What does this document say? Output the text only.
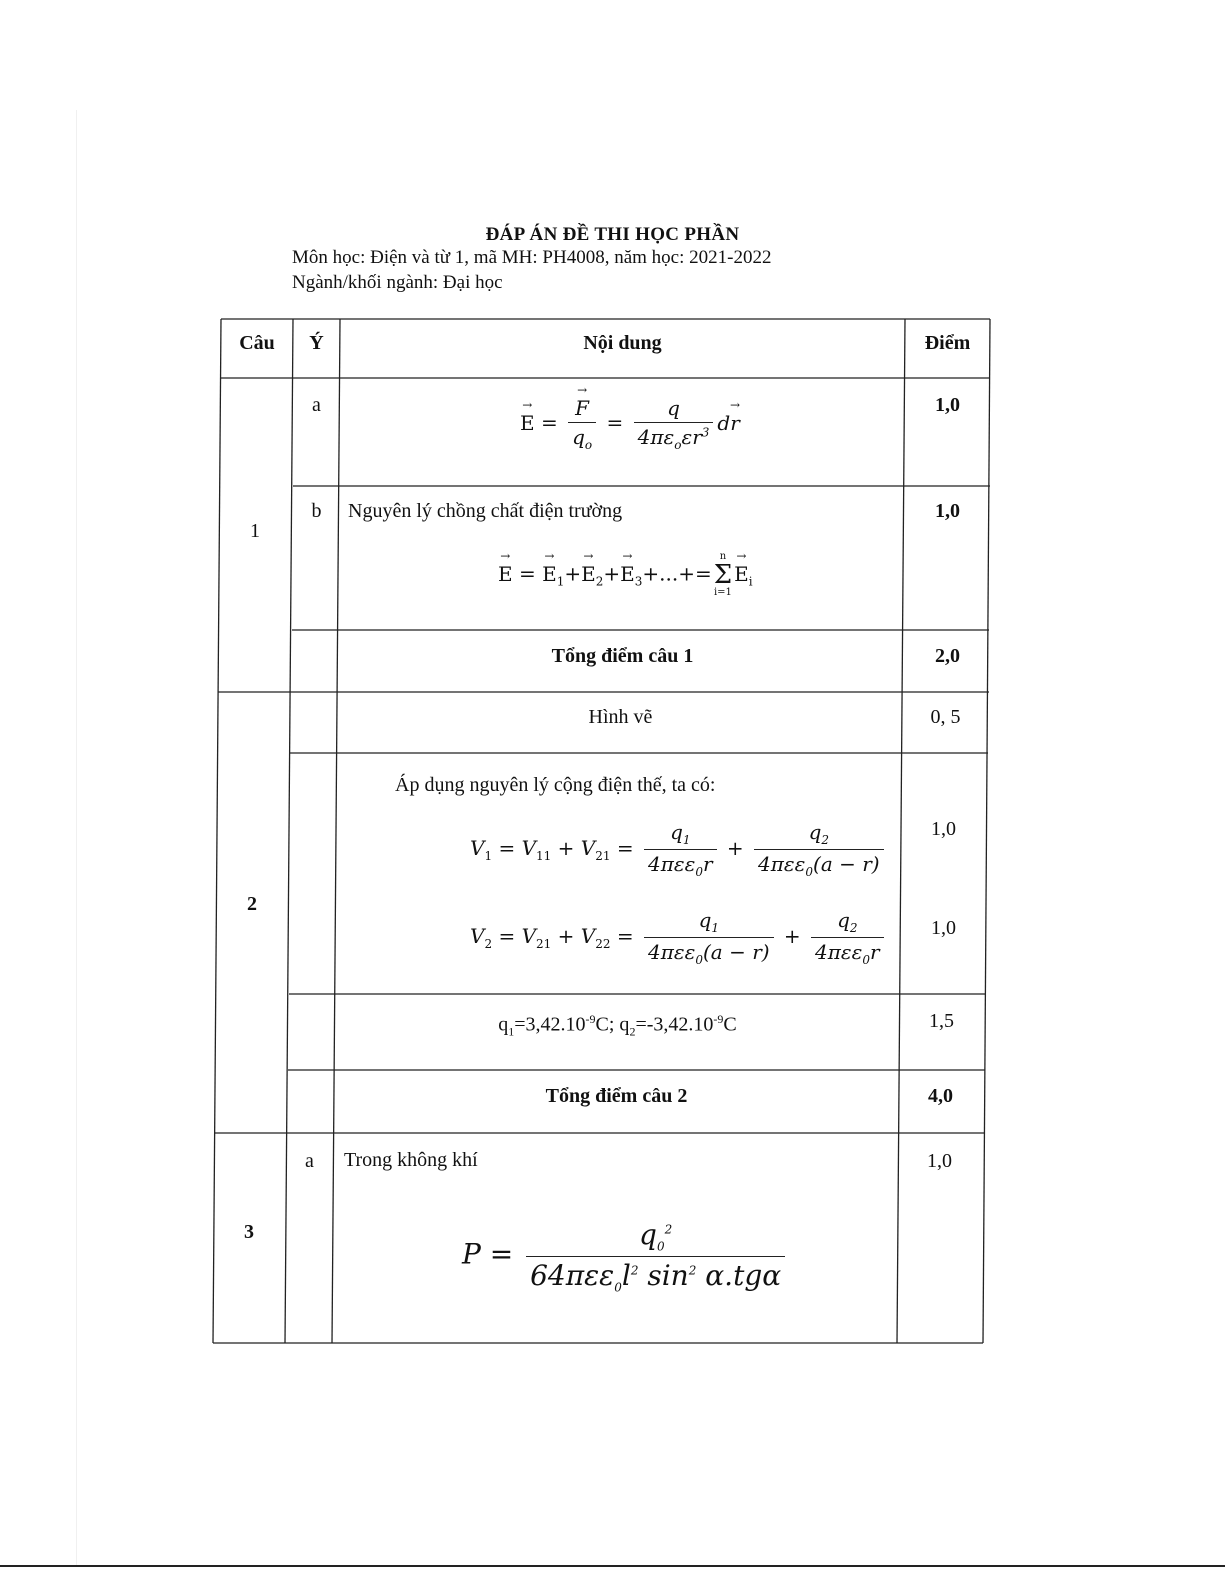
ĐÁP ÁN ĐỀ THI HỌC PHẦN
Môn học: Điện và từ 1, mã MH: PH4008, năm học: 2021-2022
Ngành/khối ngành: Đại học
Câu	Ý	Nội dung	Điểm
1
a
→ E =
→ $\frac{F}{q_o} = \frac{q}{4\pi\varepsilon_o\varepsilon r^3} d\to r$
1,0
b	Nguyên lý chồng chất điện trường
→ E = → $E_1+\to E_2+\to E_3+...+=$
n
Σ
i=1
→ $E_i$
1,0
Tổng điểm câu 1	2,0
2
Hình vẽ	0, 5
Áp dụng nguyên lý cộng điện thế, ta có:
$V_1 = V_{11} + V_{21} = \frac{q_1}{4\pi\varepsilon\varepsilon_0r} + \frac{q_2}{4\pi\varepsilon\varepsilon_0(a - r)}$	1,0
$V_2 = V_{21} + V_{22} = \frac{q_1}{4\pi\varepsilon\varepsilon_0(a - r)} + \frac{q_2}{4\pi\varepsilon\varepsilon_0r}$	1,0
$q_1=3,42.10^{-9}C$; $q_2=-3,42.10^{-9}C$	1,5
Tổng điểm câu 2	4,0
3
a	Trong không khí
$P = \frac{q_0^2}{64\pi\varepsilon\varepsilon_0l^2 \sin^2 \alpha.tg\alpha}$
1,0
